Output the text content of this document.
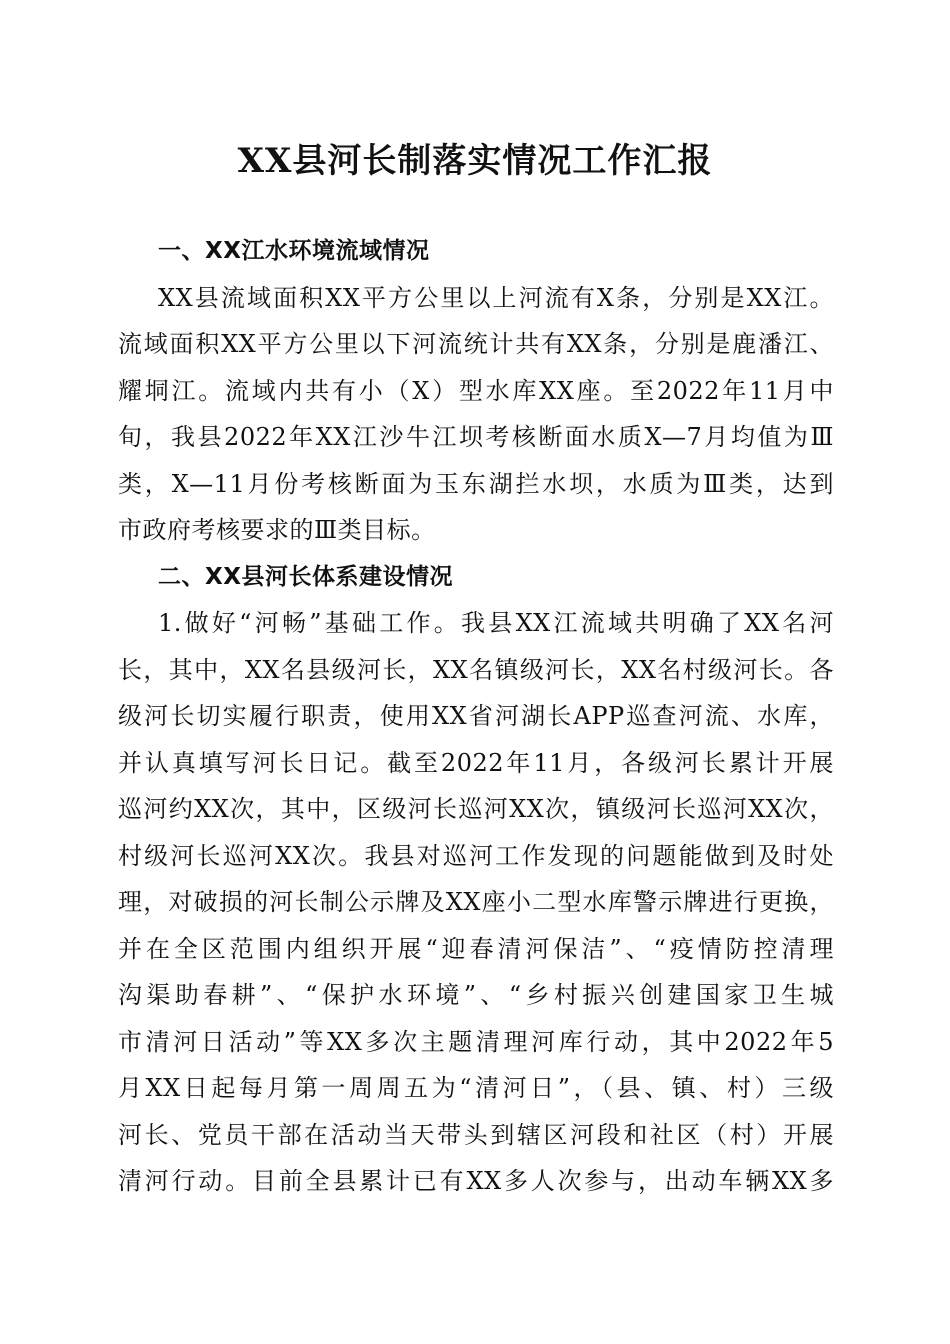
XX县河长制落实情况工作汇报
一、XX江水环境流域情况
XX县流域面积XX平方公里以上河流有X条，分别是XX江。
流域面积XX平方公里以下河流统计共有XX条，分别是鹿潘江、
耀垌江。流域内共有小（X）型水库XX座。至2022年11月中
旬，我县2022年XX江沙牛江坝考核断面水质X—7月均值为Ⅲ
类，X—11月份考核断面为玉东湖拦水坝，水质为Ⅲ类，达到
市政府考核要求的Ⅲ类目标。
二、XX县河长体系建设情况
1.做好“河畅”基础工作。我县XX江流域共明确了XX名河
长，其中，XX名县级河长，XX名镇级河长，XX名村级河长。各
级河长切实履行职责，使用XX省河湖长APP巡查河流、水库，
并认真填写河长日记。截至2022年11月，各级河长累计开展
巡河约XX次，其中，区级河长巡河XX次，镇级河长巡河XX次，
村级河长巡河XX次。我县对巡河工作发现的问题能做到及时处
理，对破损的河长制公示牌及XX座小二型水库警示牌进行更换，
并在全区范围内组织开展“迎春清河保洁”、“疫情防控清理
沟渠助春耕”、“保护水环境”、“乡村振兴创建国家卫生城
市清河日活动”等XX多次主题清理河库行动，其中2022年5
月XX日起每月第一周周五为“清河日”，（县、镇、村）三级
河长、党员干部在活动当天带头到辖区河段和社区（村）开展
清河行动。目前全县累计已有XX多人次参与，出动车辆XX多
